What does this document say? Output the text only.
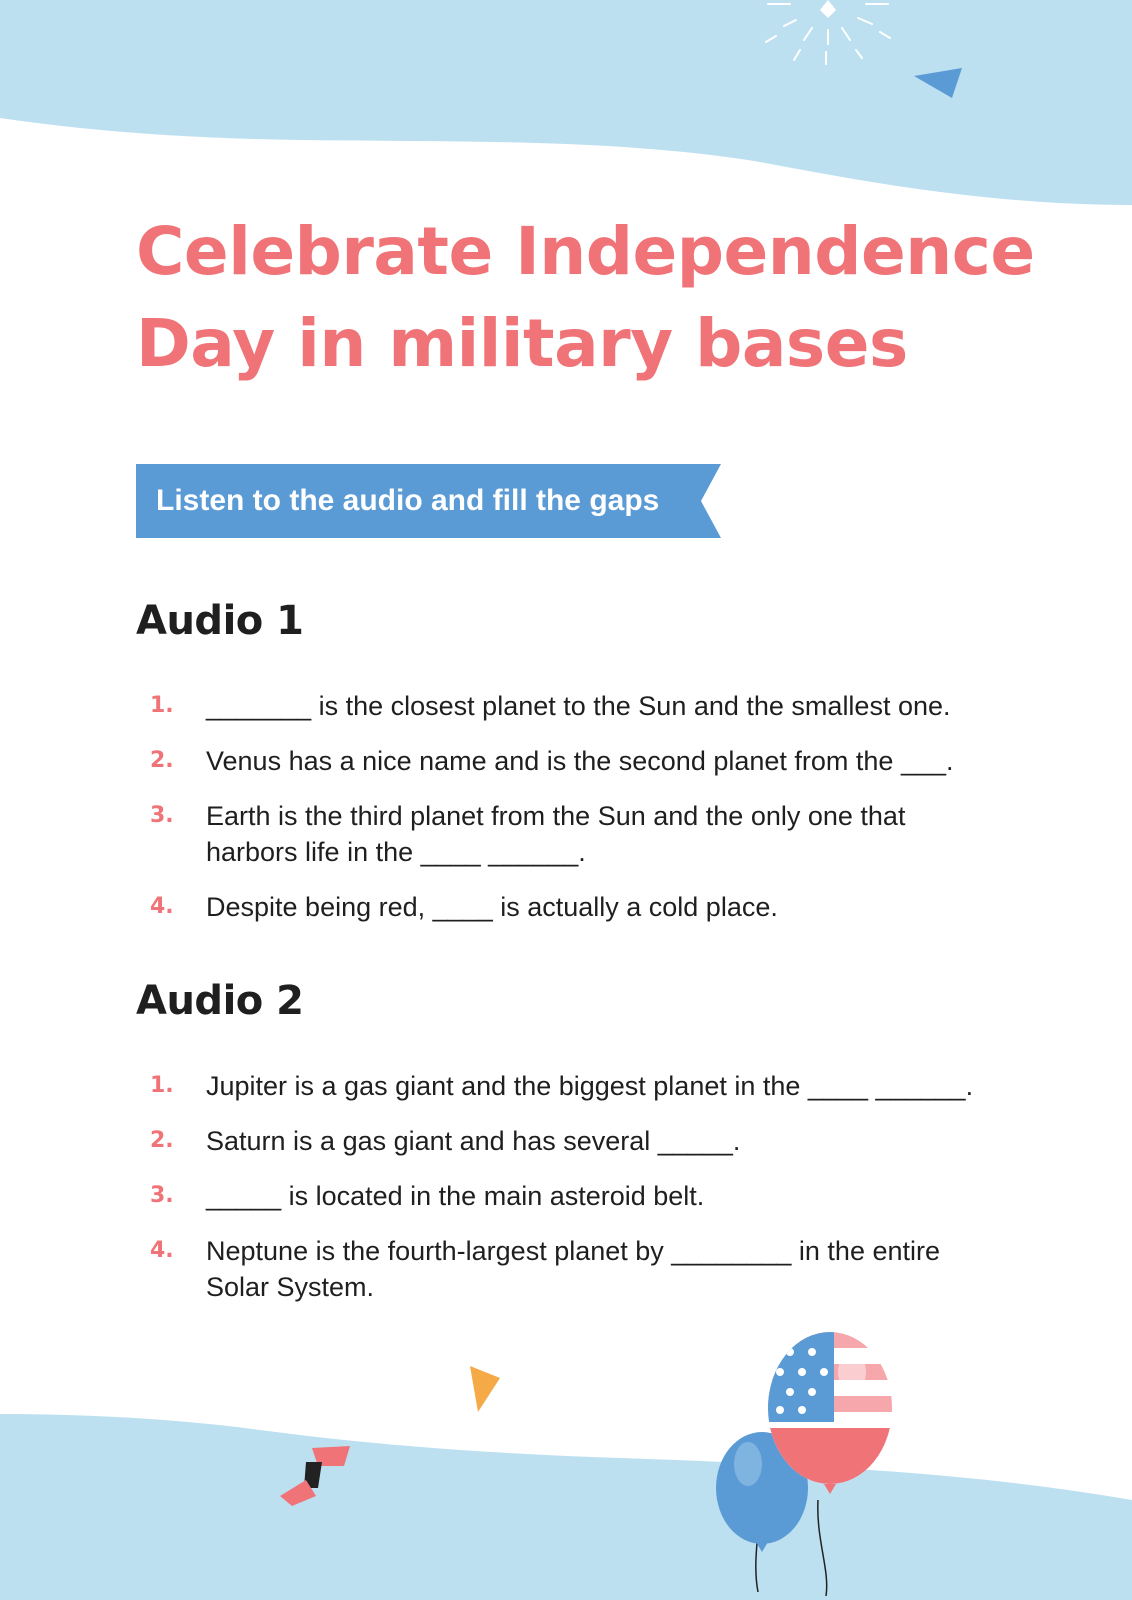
Celebrate Independence Day in military bases
Listen to the audio and fill the gaps
Audio 1
1. _______ is the closest planet to the Sun and the smallest one.
2. Venus has a nice name and is the second planet from the ___.
3. Earth is the third planet from the Sun and the only one that harbors life in the ____ ______.
4. Despite being red, ____ is actually a cold place.
Audio 2
1. Jupiter is a gas giant and the biggest planet in the ____ ______.
2. Saturn is a gas giant and has several _____.
3. _____ is located in the main asteroid belt.
4. Neptune is the fourth-largest planet by ________ in the entire Solar System.
